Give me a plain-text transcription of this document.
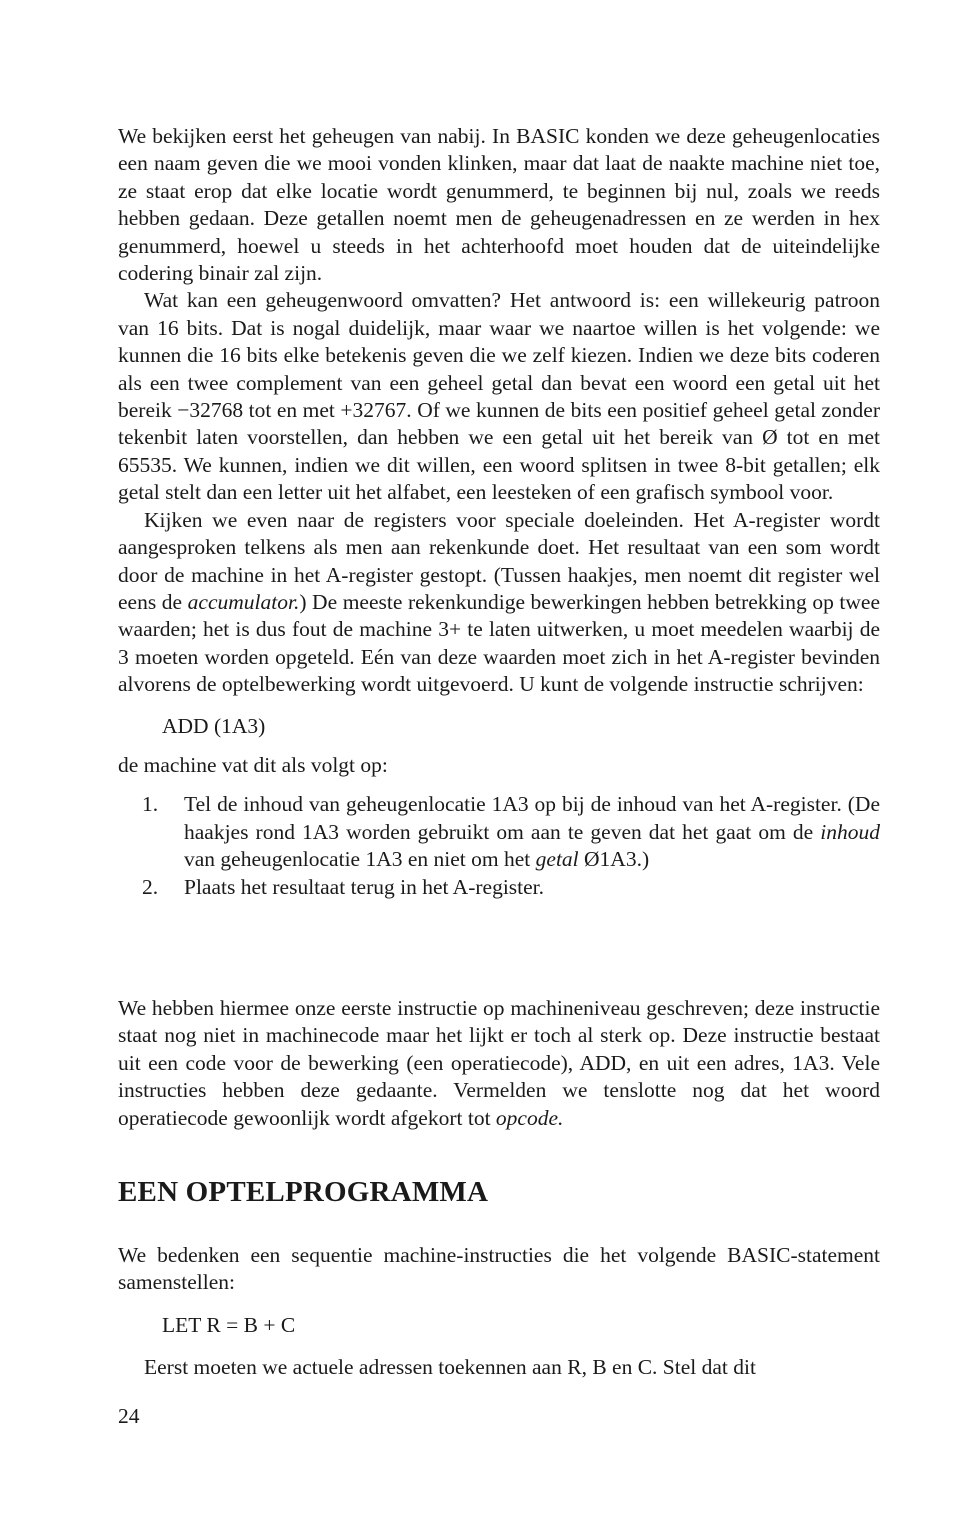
We bekijken eerst het geheugen van nabij. In BASIC konden we deze geheugenlocaties een naam geven die we mooi vonden klinken, maar dat laat de naakte machine niet toe, ze staat erop dat elke locatie wordt genummerd, te beginnen bij nul, zoals we reeds hebben gedaan. Deze getallen noemt men de geheugenadressen en ze werden in hex genummerd, hoewel u steeds in het achterhoofd moet houden dat de uiteindelijke codering binair zal zijn.

Wat kan een geheugenwoord omvatten? Het antwoord is: een willekeurig patroon van 16 bits. Dat is nogal duidelijk, maar waar we naartoe willen is het volgende: we kunnen die 16 bits elke betekenis geven die we zelf kiezen. Indien we deze bits coderen als een twee complement van een geheel getal dan bevat een woord een getal uit het bereik −32768 tot en met +32767. Of we kunnen de bits een positief geheel getal zonder tekenbit laten voorstellen, dan hebben we een getal uit het bereik van Ø tot en met 65535. We kunnen, indien we dit willen, een woord splitsen in twee 8-bit getallen; elk getal stelt dan een letter uit het alfabet, een leesteken of een grafisch symbool voor.

Kijken we even naar de registers voor speciale doeleinden. Het A-register wordt aangesproken telkens als men aan rekenkunde doet. Het resultaat van een som wordt door de machine in het A-register gestopt. (Tussen haakjes, men noemt dit register wel eens de accumulator.) De meeste rekenkundige bewerkingen hebben betrekking op twee waarden; het is dus fout de machine 3+ te laten uitwerken, u moet meedelen waarbij de 3 moeten worden opgeteld. Eén van deze waarden moet zich in het A-register bevinden alvorens de optelbewerking wordt uitgevoerd. U kunt de volgende instructie schrijven:

ADD (1A3)

de machine vat dit als volgt op:

1. Tel de inhoud van geheugenlocatie 1A3 op bij de inhoud van het A-register. (De haakjes rond 1A3 worden gebruikt om aan te geven dat het gaat om de inhoud van geheugenlocatie 1A3 en niet om het getal Ø1A3.)
2. Plaats het resultaat terug in het A-register.

We hebben hiermee onze eerste instructie op machineniveau geschreven; deze instructie staat nog niet in machinecode maar het lijkt er toch al sterk op. Deze instructie bestaat uit een code voor de bewerking (een operatiecode), ADD, en uit een adres, 1A3. Vele instructies hebben deze gedaante. Vermelden we tenslotte nog dat het woord operatiecode gewoonlijk wordt afgekort tot opcode.

EEN OPTELPROGRAMMA

We bedenken een sequentie machine-instructies die het volgende BASIC-statement samenstellen:

LET R = B + C

Eerst moeten we actuele adressen toekennen aan R, B en C. Stel dat dit

24
